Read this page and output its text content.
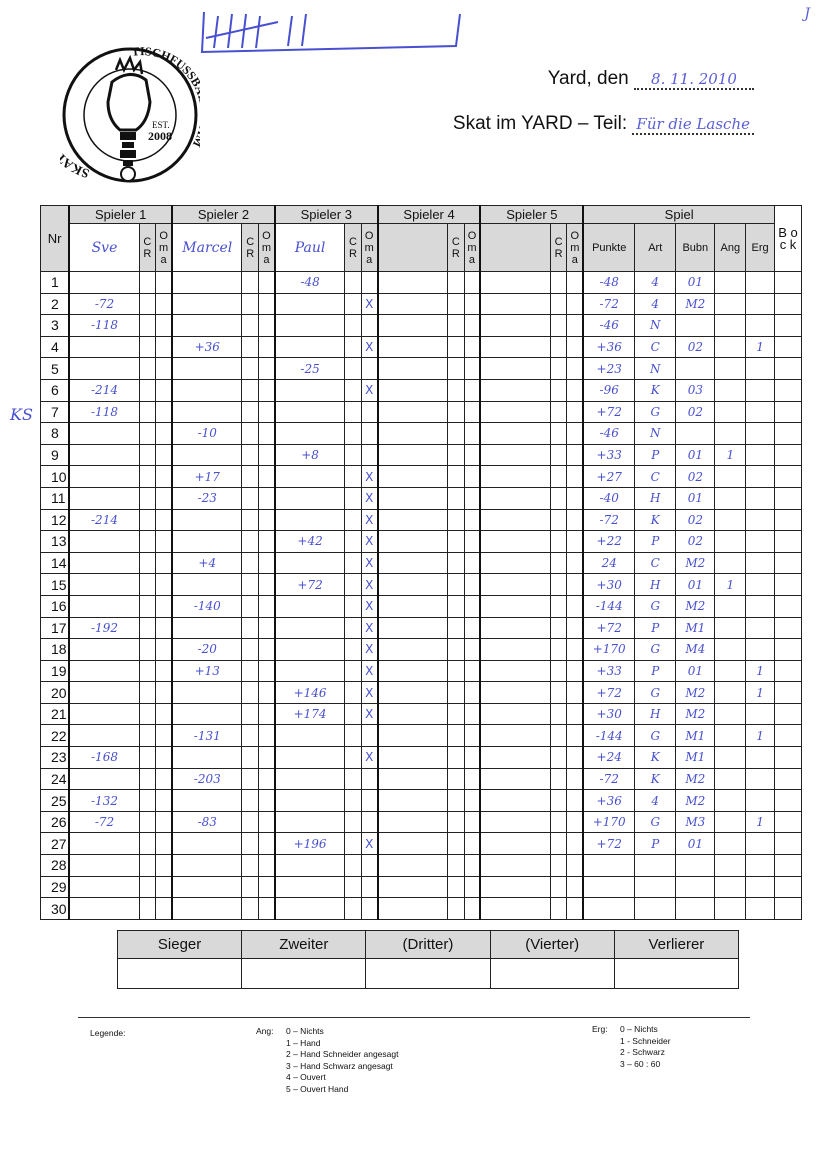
J
SKA
TISCHFUSS
EST.
2008
Yard, den 8. 11. 2010
Skat im YARD – Teil: Für die Lasche
KS
Nr	Spieler 1			Spieler 2			Spieler 3			Spieler 4			Spieler 5			Spiel					B o c k
	Sve	C R	O m a	Marcel	C R	O m a	Paul	C R	O m a		C R	O m a		C R	O m a	Punkte	Art	Bubn	Ang	Erg	
1							-48									-48	4	01			
2	-72								X							-72	4	M2			
3	-118															-46	N				
4				+36					X							+36	C	02		1	
5							-25									+23	N				
6	-214								X							-96	K	03			
7	-118															+72	G	02			
8				-10												-46	N				
9							+8									+33	P	01	1		
10				+17					X							+27	C	02			
11				-23					X							-40	H	01			
12	-214								X							-72	K	02			
13							+42		X							+22	P	02			
14				+4					X							24	C	M2			
15							+72		X							+30	H	01	1		
16				-140					X							-144	G	M2			
17	-192								X							+72	P	M1			
18				-20					X							+170	G	M4			
19				+13					X							+33	P	01		1	
20							+146		X							+72	G	M2		1	
21							+174		X							+30	H	M2			
22				-131												-144	G	M1		1	
23	-168								X							+24	K	M1			
24				-203												-72	K	M2			
25	-132															+36	4	M2			
26	-72			-83												+170	G	M3		1	
27							+196		X							+72	P	01			
28																					
29																					
30																					
Sieger	Zweiter	(Dritter)	(Vierter)	Verlierer

Legende:	Ang: 0 – Nichts
1 – Hand
2 – Hand Schneider angesagt
3 – Hand Schwarz angesagt
4 – Ouvert
5 – Ouvert Hand
Erg: 0 – Nichts
1 - Schneider
2 - Schwarz
3 – 60 : 60
